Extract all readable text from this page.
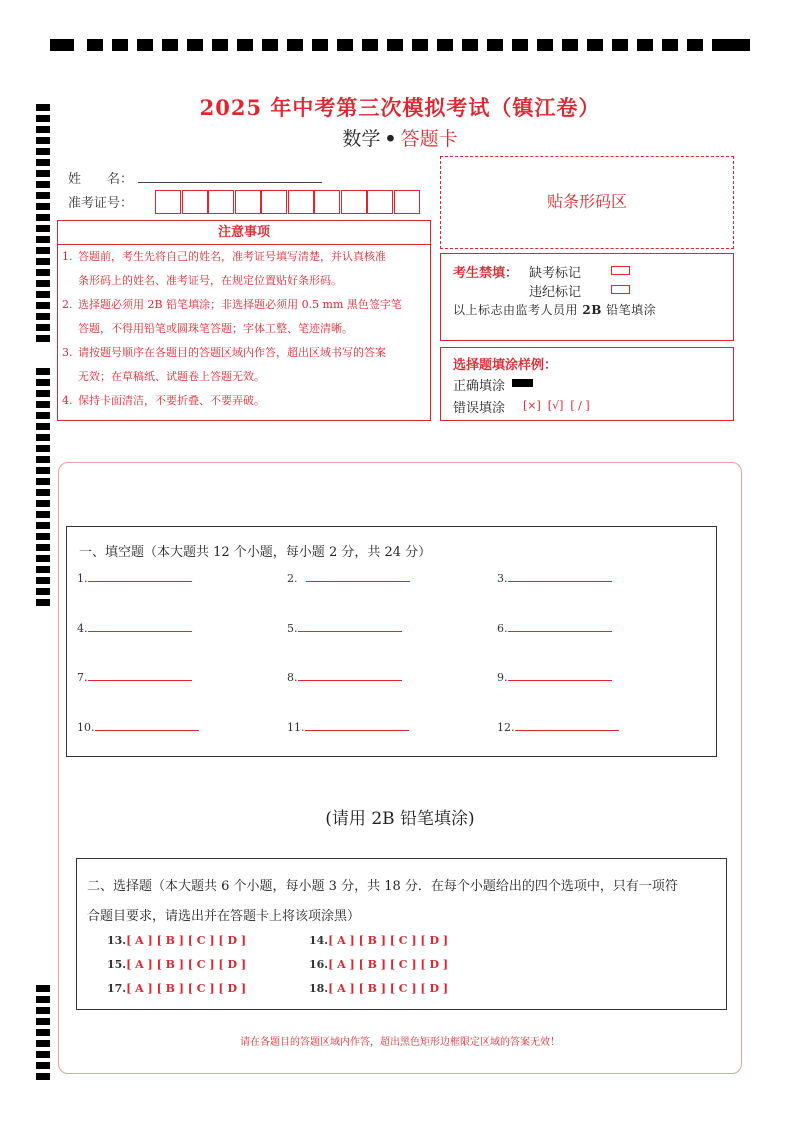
2025 年中考第三次模拟考试（镇江卷）
数学 • 答题卡
姓　　名：
准考证号：	贴条形码区
注意事项
1. 答题前，考生先将自己的姓名，准考证号填写清楚，并认真核准
条形码上的姓名、准考证号，在规定位置贴好条形码。
2. 选择题必须用 2B 铅笔填涂；非选择题必须用 0.5 mm 黑色签字笔
答题，不得用铅笔或圆珠笔答题；字体工整、笔迹清晰。
3. 请按题号顺序在各题目的答题区域内作答，超出区域书写的答案
无效；在草稿纸、试题卷上答题无效。
4. 保持卡面清洁，不要折叠、不要弄破。
考生禁填： 缺考标记
违纪标记
以上标志由监考人员用 2B 铅笔填涂
选择题填涂样例：
正确填涂
错误填涂 [×]  [√]  [ / ]
一、填空题（本大题共 12 个小题，每小题 2 分，共 24 分）
1.	2.	3.
4.	5.	6.
7.	8.	9.
10.	11.	12.
(请用 2B 铅笔填涂)
二、选择题（本大题共 6 个小题，每小题 3 分，共 18 分．在每个小题给出的四个选项中，只有一项符
合题目要求，请选出并在答题卡上将该项涂黑）
13.[ A ] [ B ] [ C ] [ D ]	14.[ A ] [ B ] [ C ] [ D ]
15.[ A ] [ B ] [ C ] [ D ]	16.[ A ] [ B ] [ C ] [ D ]
17.[ A ] [ B ] [ C ] [ D ]	18.[ A ] [ B ] [ C ] [ D ]
请在各题目的答题区域内作答，超出黑色矩形边框限定区域的答案无效！
